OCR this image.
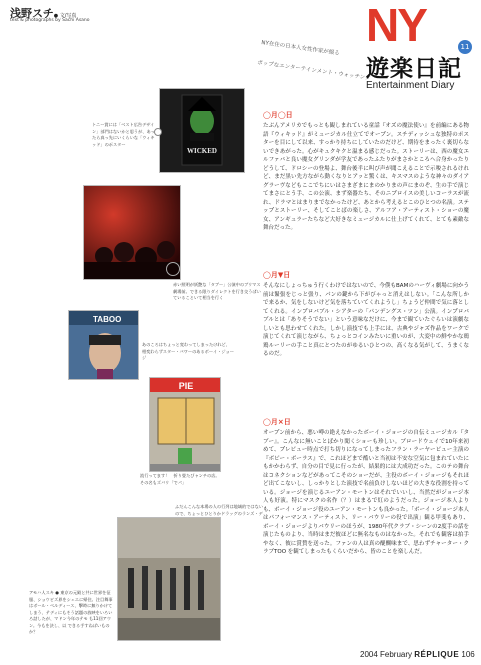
浅野スチ● 文/写真
text & photographs by Sachi Asano
NY在住の日本人女性作家が綴る
ポップなエンターテインメント・ウォッチング
NY	11
遊楽日記
Entertainment Diary
WICKED
トニー賞には「ベスト広告デザイン」部門はないかと思うが、あったら真っ先にいくらいな「ウィキッド」のポスター
赤い照明が妖艶な「タブー」公演中のブリマス劇場前。できる限りダイレクトを行き交うぱいていることいて相当を行く
TABOO
あのころはちょっと変わってしまったけれど、相変わらずスター・バワーのあるボーイ・ジョージ
PIE
流行ってます！　折り畳たびャンチの店。その名もズバリ「でパ」
ふだんこんな本場の人の行列は地域的ではないので、ちょっとひとりかドラッグのランズ・デ
アモハ人スキ ● 東京の元殿と共に世界を征服、ショウビズ界をシェエに帰住。注目舞事はボール・ベルディース、撃時に無りかけてしまう、テディにもそう話題の放映をいろいろ話したが、マドン今年のテモ も11回アウン。今もを決し、以 できる手すねばいものか？
◯月◯日
たぶんアメリカでもっとも観しまれている童話『オズの魔法使い』を前編にある物語『ウィキッド』がミュージカル仕立てでオープン。スチディッシュな独特のポスターを目にして以来、すっかり持ちにしていたのだけど、期待をまったく裏切らないできあがった。心がキュクキクと温まる感じだった。ストーリーは、西の魔女エルファバと良い魔女グリンダが学友であったふたりがまさかところへ合身かったりどうして、ドロシーの登場よ、舞台後半に叫び声が聞こえることで示唆されるけれど、まだ黒い先方ながら動くなりとアッと驚くは、キスマスのような神々のダイアグラーヴなどもここでちにいはさまざまにまのかりまの声にまのぞ、生の手で演じてまさにとう手、この公演、まず楽器たち、そのニプロイスの美しいコーラスが流れ、ドラマとはまりまでなかったけど、あとから考えるとこのひとつの名演。ステップとストーリー、そしてことばの楽しさ、アルフア・アーティスト・ショーの魔女、アンギュラーたちなど大好きなミュージカルに仕上げてくれて、とても素敵な舞台だった。
◯月▼日
そんなにしょっちゅう行くわけではないので、今僕もBAMのハーヴィ劇場に向かう前は緊張をじっと張り、パンの鍵から下がびゃっと消えはしない。「こんな所しかで来るか、気をしないけど気を落ちていてくれようし」ちょうど仲間で気に落としてくれる。インプロバブル・シアターの「パンデングス・ツン」公演。インプロバブルとは「ありそうでない」という意味なだけに、今まで観ていたぐらいは演劇なしいとも思わせてくれた。しかし演技でも上手には、古典やジャズ作品をワークで演じてくれて演じながら、ちょっとコインみたいに重いのが、大変中の鮮やかな鶏鶏ルーリーの手こと真にとつたのがゆるいひとつの、高くなる気がして、うまくなるのだ。
◯月×日
オープン前から、悪い噂の絶えなかったボーイ・ジョージの自伝ミュージカル『タブー』。こんなに無いことばかり聞くショーも珍しい。ブロードウェイで10年来初めて、プレビュー時点で打ち切りになってしまったフラン・ラーヤービュー主演の『ボビー・ボーラス』で、これほどまで酷いと当初は不安な空気に包まれていたにもかかわらず、自分の目で見に行ったが、結果的には大成功だった。このテの舞台はコネクションなどがあってこそのショーだが、主役のボーイ・ジョージもそれほど出てこないし、しっかりとした演技で名前負けしないほどの大きな役割を持っている。ジョージを演じるユーアン・モートンはそれでいいし、当然だがジョージ本人も好演。特にマスクの名作（？）はまるで紅のようだった。ジョージ本人よりも、ボーイ・ジョージ役のユーアン・モートンも良かった。「ボーイ・ジョージ本人はパフォーマンス・アーティスト、リー・バウリーの役で出演」観る甲斐もあり、ボーイ・ジョージよりバウリーのほうが、1980年代クラブ・シーンの2度手の話を演じたものより、当時はまだ彼ほどに無名なものはなかった。それでも観客は拍手やなく、彼に賞賛を送った。ファンの人は真の醍醐味まで、思わずチャーター・クラブTOO を観てしまったもくらいだから、皆のことを楽しんだ。
2004 February RÉPLIQUE 106
